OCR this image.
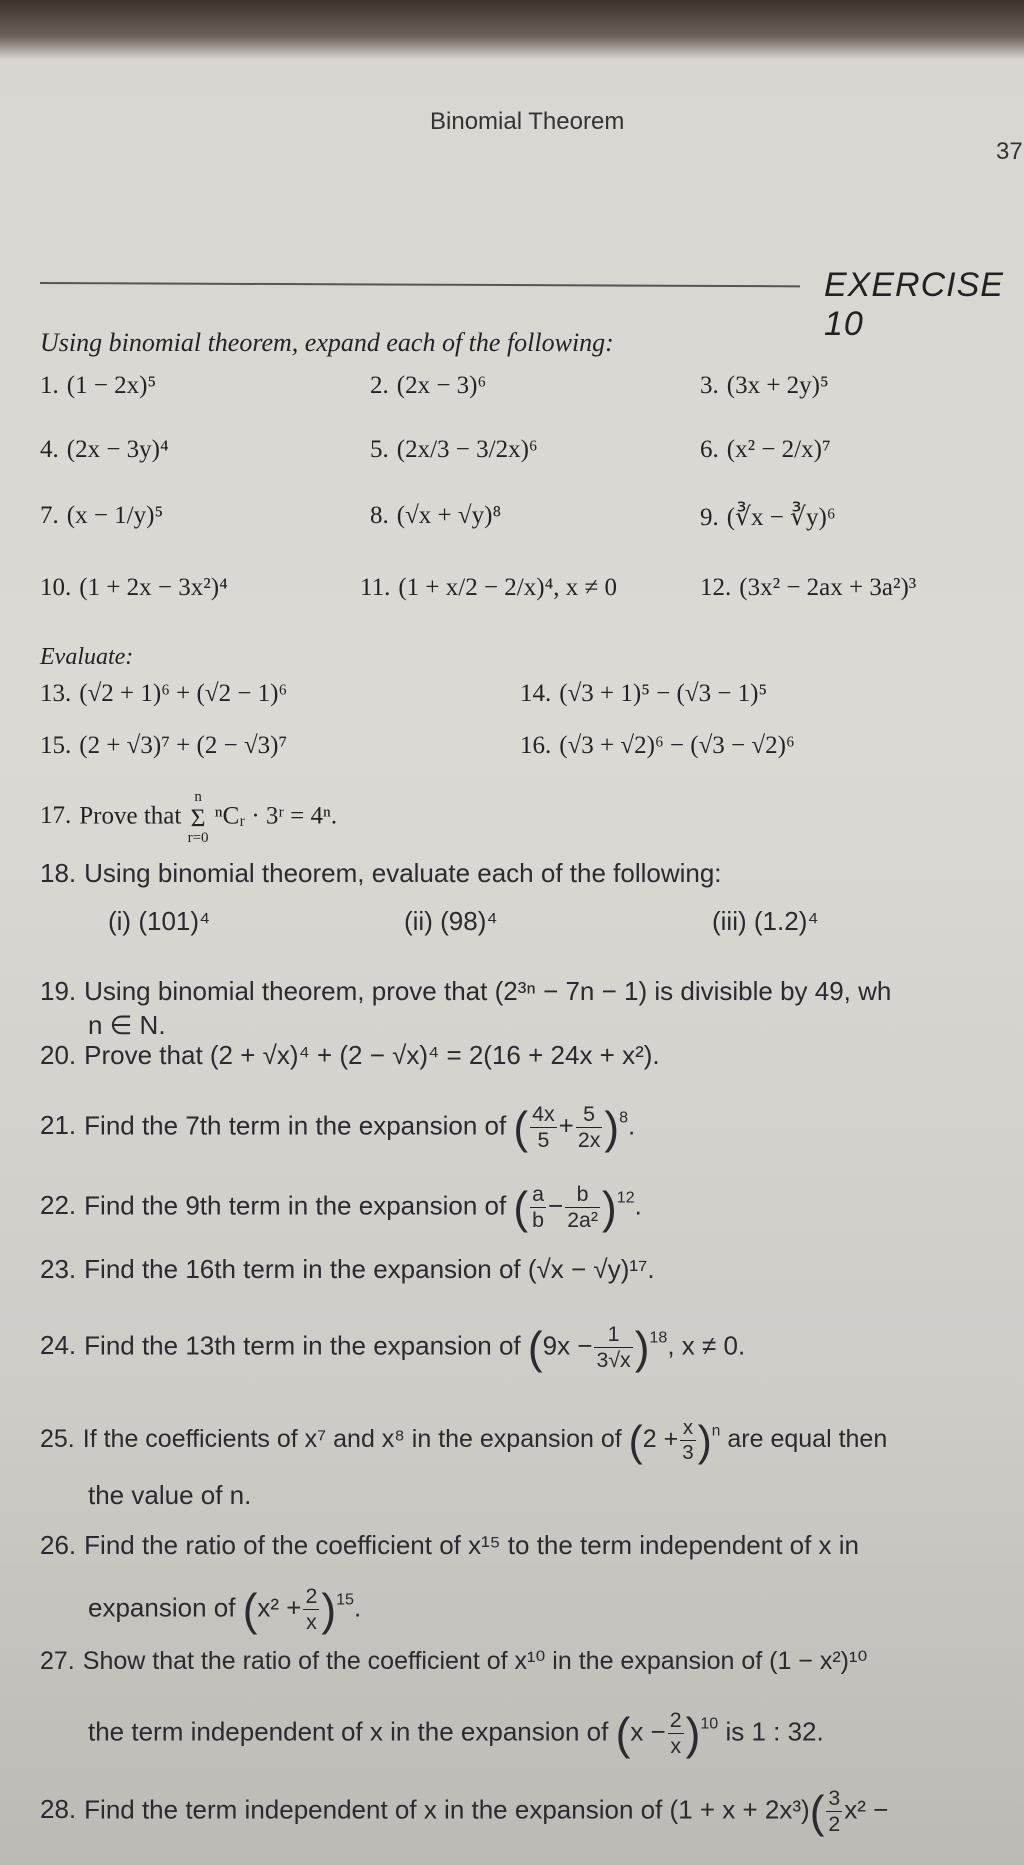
Binomial Theorem
37
EXERCISE 10
Using binomial theorem, expand each of the following:
1. (1 − 2x)⁵	2. (2x − 3)⁶	3. (3x + 2y)⁵
4. (2x − 3y)⁴	5. (2x/3 − 3/2x)⁶	6. (x² − 2/x)⁷
7. (x − 1/y)⁵	8. (√x + √y)⁸	9. (∛x − ∛y)⁶
10. (1 + 2x − 3x²)⁴	11. (1 + x/2 − 2/x)⁴, x ≠ 0	12. (3x² − 2ax + 3a²)³
Evaluate:
13. (√2 + 1)⁶ + (√2 − 1)⁶	14. (√3 + 1)⁵ − (√3 − 1)⁵
15. (2 + √3)⁷ + (2 − √3)⁷	16. (√3 + √2)⁶ − (√3 − √2)⁶
17. Prove that n
Σ
r=0 ⁿCᵣ · 3ʳ = 4ⁿ.
18. Using binomial theorem, evaluate each of the following:
(i) (101)⁴	(ii) (98)⁴	(iii) (1.2)⁴
19. Using binomial theorem, prove that (2³ⁿ − 7n − 1) is divisible by 49, wh
n ∈ N.
20. Prove that (2 + √x)⁴ + (2 − √x)⁴ = 2(16 + 24x + x²).
21. Find the 7th term in the expansion of ( $\frac{4x}{5} + \frac{5}{2x} )^8$.
22. Find the 9th term in the expansion of ( $\frac{a}{b} - \frac{b}{\text{2a²}} )^{12}$.
23. Find the 16th term in the expansion of (√x − √y)¹⁷.
24. Find the 13th term in the expansion of $(9x - \frac{1}{3√x} )^{18}$, x ≠ 0.
25. If the coefficients of x⁷ and x⁸ in the expansion of $(2 + \frac{x}{3} )^n$ are equal then
the value of n.
26. Find the ratio of the coefficient of x¹⁵ to the term independent of x in
expansion of $(x^2 + \frac{2}{x} )^{15}$.
27. Show that the ratio of the coefficient of x¹⁰ in the expansion of (1 − x²)¹⁰
the term independent of x in the expansion of $(x - \frac{2}{x} )^{10}$ is 1 : 32.
28. Find the term independent of x in the expansion of $(1 + x + 2x^3)( \frac{3}{2} x^2$ −
